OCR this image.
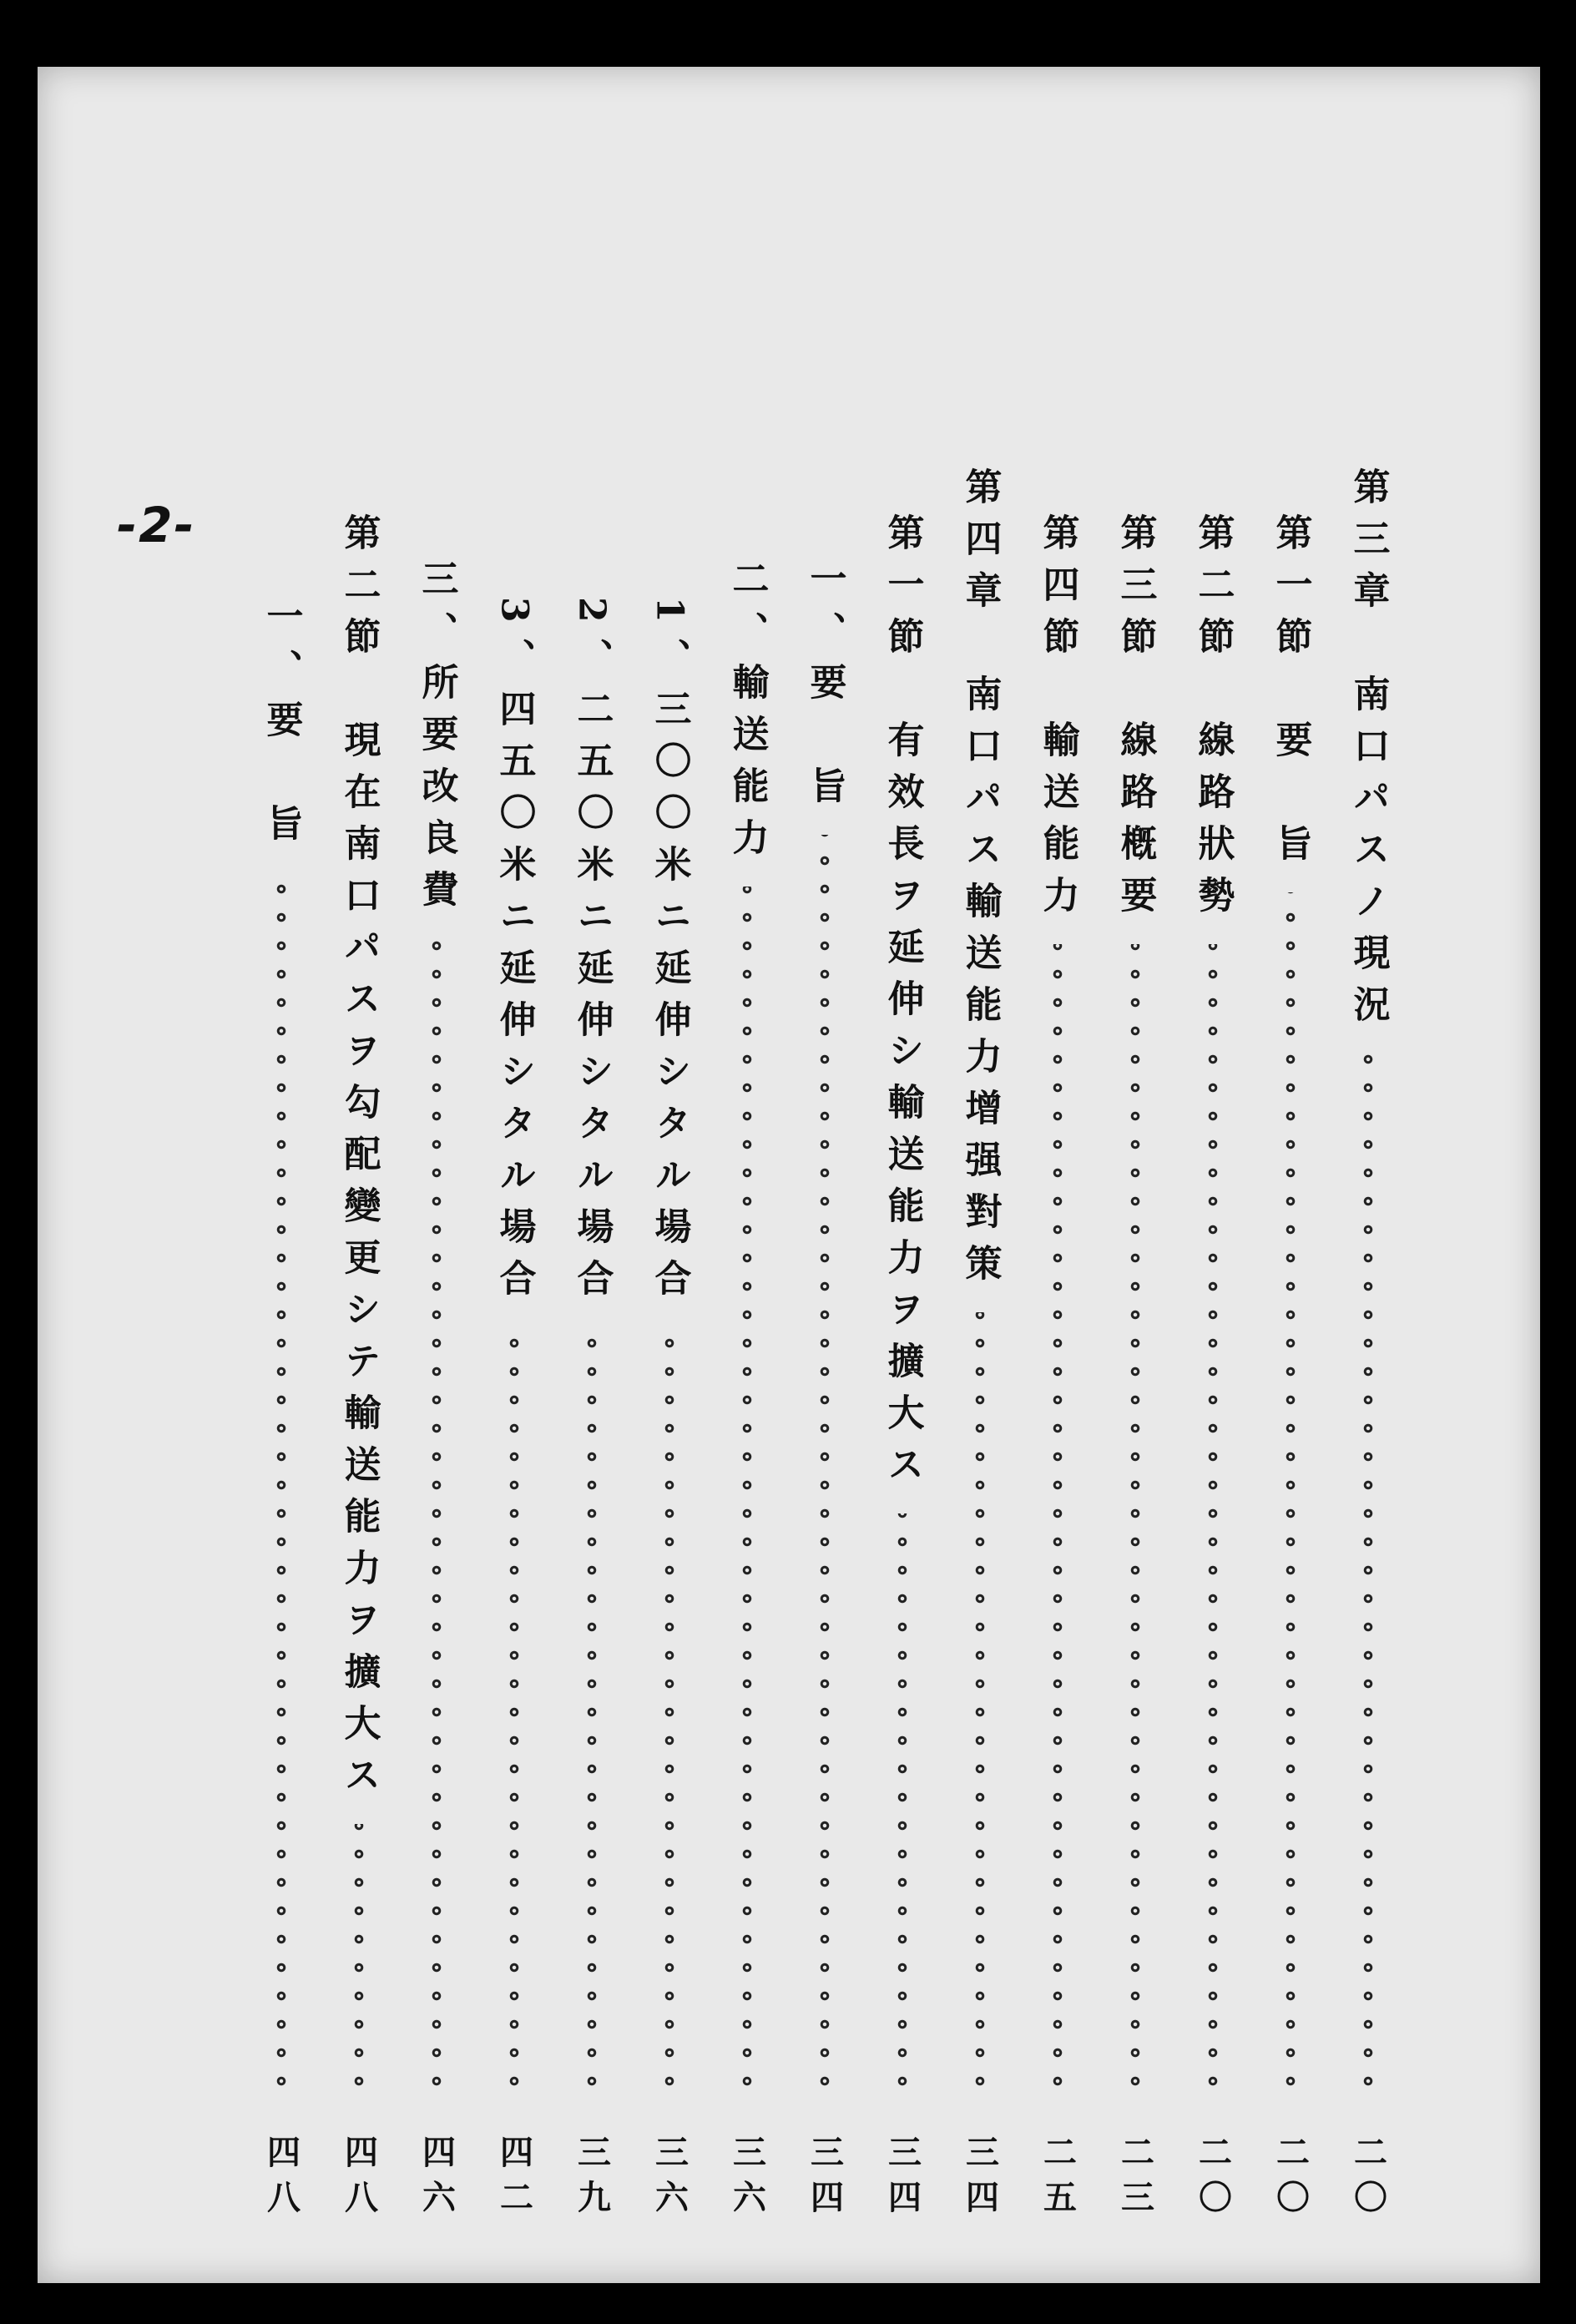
-2-	第三章　南口パスノ現況
二〇
第一節　要　旨
二〇
第二節　線路狀勢
二〇
第三節　線路槪要
二三
第四節　輸送能力
二五
第四章　南口パス輸送能力增强對策
三四
第一節　有效長ヲ延伸シ輸送能力ヲ擴大ス
三四
一、要　旨
三四
二、輸送能力
三六
1、三〇〇米ニ延伸シタル場合
三六
2、二五〇米ニ延伸シタル場合
三九
3、四五〇米ニ延伸シタル場合
四二
三、所要改良費
四六
第二節　現在南口パスヲ勾配變更シテ輸送能力ヲ擴大ス
四八
一、要　旨
四八
